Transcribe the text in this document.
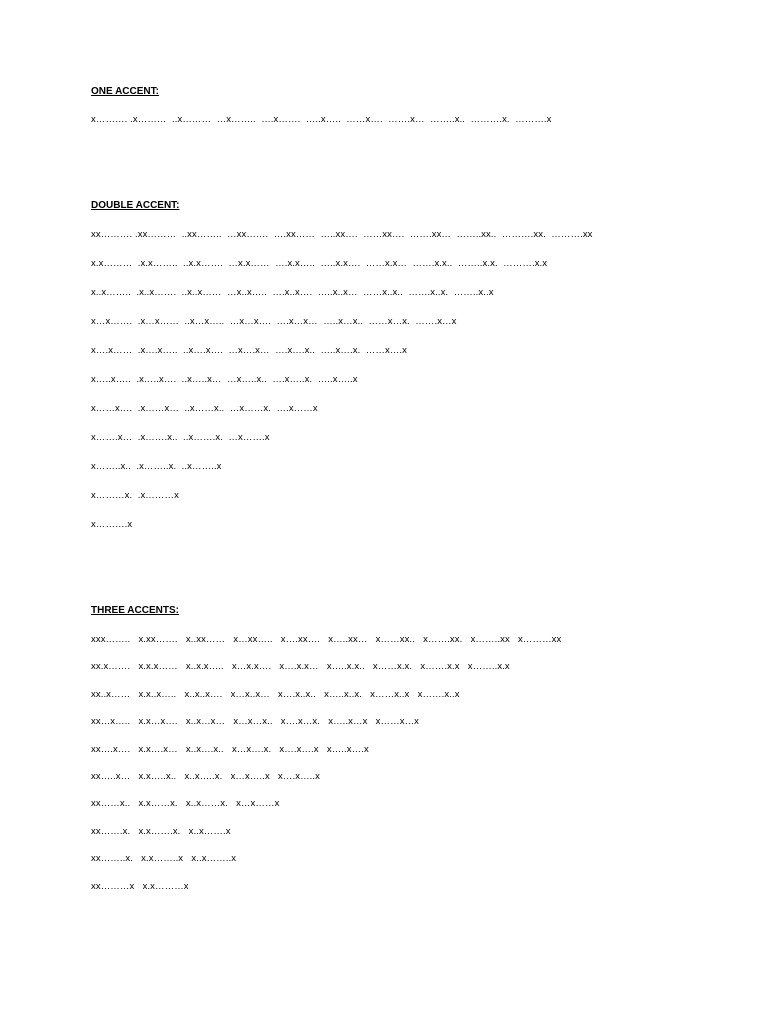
ONE ACCENT:

x………. .x………  ..x………  …x……..  ….x…….  …..x…..  ……x….  …….x…  ……..x..  ……….x.  ……….x

DOUBLE ACCENT:

xx………. .xx………  ..xx……..  …xx…….  ….xx……  …..xx….  ……xx….  …….xx…  ……..xx..  ……….xx.  ……….xx

x.x………  .x.x……..  ..x.x…….  …x.x……  ….x.x…..  …..x.x….  ……x.x…  …….x.x..  ……..x.x.  ……….x.x

x..x……..  .x..x…….  ..x..x……  …x..x…..  ….x..x….  …..x..x…  ……x..x..  …….x..x.  ……..x..x

x…x…….  .x…x……  ..x…x…..  …x…x….  ….x…x…  …..x…x..  ……x…x.  …….x…x

x….x……  .x….x…..  ..x….x….  …x….x…  ….x….x..  …..x….x.  ……x….x

x…..x…..  .x…..x….  ..x…..x…  …x…..x..  ….x…..x.  …..x…..x

x……x….  .x……x…  ..x……x..  …x……x.  ….x……x

x…….x…  .x…….x..  ..x…….x.  …x…….x

x……..x..  .x……..x.  ..x……..x

x………x.  .x………x

x……….x

THREE ACCENTS:

xxx……..   x.xx…….   x..xx……   x…xx…..   x….xx….   x…..xx…   x……xx..   x…….xx.   x……..xx   x………xx

xx.x…….   x.x.x……   x..x.x…..   x…x.x….   x….x.x…   x…..x.x..   x……x.x.   x…….x.x   x……..x.x

xx..x……   x.x..x…..   x..x..x….   x…x..x…   x….x..x..   x…..x..x.   x……x..x   x…….x..x

xx…x…..   x.x…x….   x..x…x…   x…x…x..   x….x…x.   x…..x…x   x……x…x

xx….x….   x.x….x…   x..x….x..   x…x….x.   x….x….x   x…..x….x

xx…..x…   x.x…..x..   x..x…..x.   x…x…..x   x….x…..x

xx……x..   x.x……x.   x..x……x.   x…x……x

xx…….x.   x.x…….x.   x..x…….x

xx……..x.   x.x……..x   x..x……..x

xx………x   x.x………x
